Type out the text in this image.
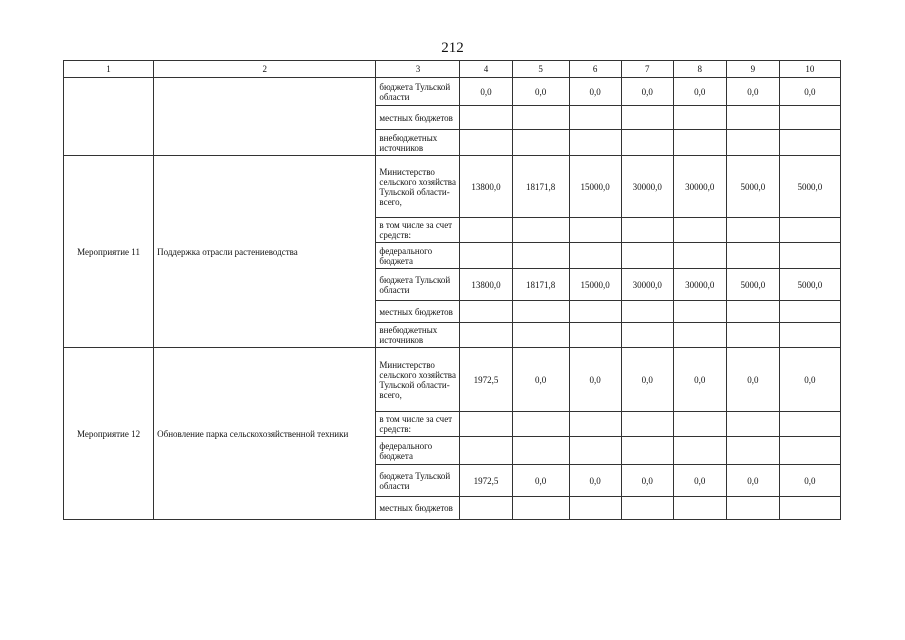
212
1	2	3	4	5	6	7	8	9	10
		бюджета Тульской области	0,0	0,0	0,0	0,0	0,0	0,0	0,0
		местных бюджетов							
		внебюджетных источников							
Мероприятие 11	Поддержка отрасли растениеводства	Министерство сельского хозяйства Тульской области- всего,	13800,0	18171,8	15000,0	30000,0	30000,0	5000,0	5000,0
		в том числе за счет средств:							
		федерального бюджета							
		бюджета Тульской области	13800,0	18171,8	15000,0	30000,0	30000,0	5000,0	5000,0
		местных бюджетов							
		внебюджетных источников							
Мероприятие 12	Обновление парка сельскохозяйственной техники	Министерство сельского хозяйства Тульской области- всего,	1972,5	0,0	0,0	0,0	0,0	0,0	0,0
		в том числе за счет средств:							
		федерального бюджета							
		бюджета Тульской области	1972,5	0,0	0,0	0,0	0,0	0,0	0,0
		местных бюджетов							
